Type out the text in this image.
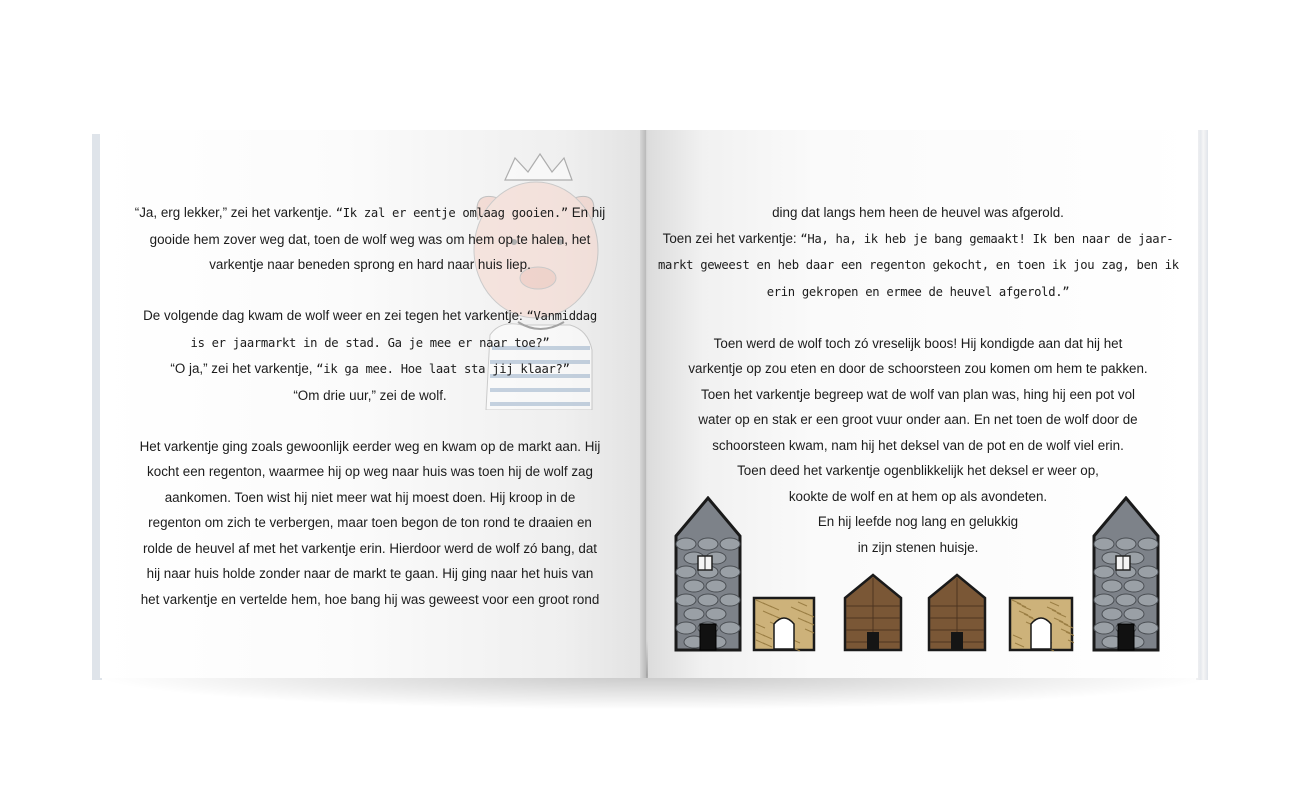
“Ja, erg lekker,” zei het varkentje. “Ik zal er eentje omlaag gooien.” En hij
gooide hem zover weg dat, toen de wolf weg was om hem op te halen, het
varkentje naar beneden sprong en hard naar huis liep.

De volgende dag kwam de wolf weer en zei tegen het varkentje: “Vanmiddag
is er jaarmarkt in de stad. Ga je mee er naar toe?”
“O ja,” zei het varkentje, “ik ga mee. Hoe laat sta jij klaar?”
“Om drie uur,” zei de wolf.

Het varkentje ging zoals gewoonlijk eerder weg en kwam op de markt aan. Hij
kocht een regenton, waarmee hij op weg naar huis was toen hij de wolf zag
aankomen. Toen wist hij niet meer wat hij moest doen. Hij kroop in de
regenton om zich te verbergen, maar toen begon de ton rond te draaien en
rolde de heuvel af met het varkentje erin. Hierdoor werd de wolf zó bang, dat
hij naar huis holde zonder naar de markt te gaan. Hij ging naar het huis van
het varkentje en vertelde hem, hoe bang hij was geweest voor een groot rond
ding dat langs hem heen de heuvel was afgerold.
Toen zei het varkentje: “Ha, ha, ik heb je bang gemaakt! Ik ben naar de jaar-
markt geweest en heb daar een regenton gekocht, en toen ik jou zag, ben ik
erin gekropen en ermee de heuvel afgerold.”

Toen werd de wolf toch zó vreselijk boos! Hij kondigde aan dat hij het
varkentje op zou eten en door de schoorsteen zou komen om hem te pakken.
Toen het varkentje begreep wat de wolf van plan was, hing hij een pot vol
water op en stak er een groot vuur onder aan. En net toen de wolf door de
schoorsteen kwam, nam hij het deksel van de pot en de wolf viel erin.
Toen deed het varkentje ogenblikkelijk het deksel er weer op,
kookte de wolf en at hem op als avondeten.
En hij leefde nog lang en gelukkig
in zijn stenen huisje.
